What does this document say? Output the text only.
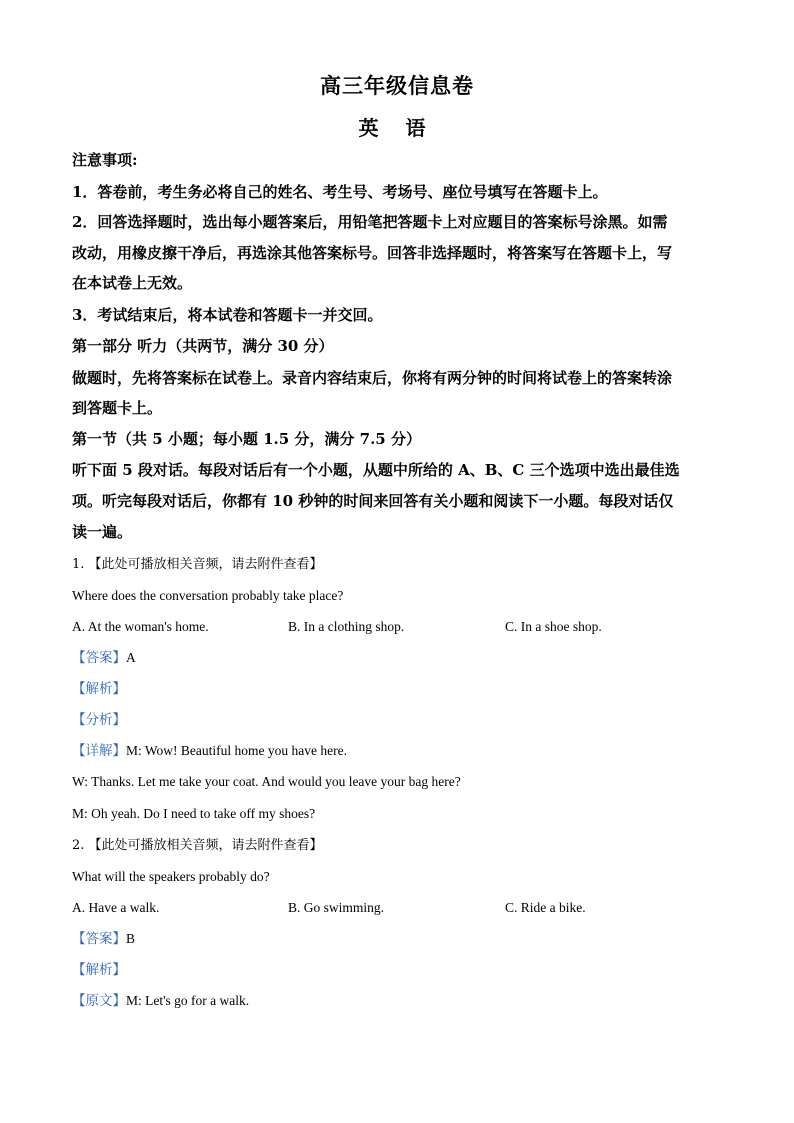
高三年级信息卷
英 语
注意事项:
1．答卷前，考生务必将自己的姓名、考生号、考场号、座位号填写在答题卡上。
2．回答选择题时，选出每小题答案后，用铅笔把答题卡上对应题目的答案标号涂黑。如需
改动，用橡皮擦干净后，再选涂其他答案标号。回答非选择题时，将答案写在答题卡上，写
在本试卷上无效。
3．考试结束后，将本试卷和答题卡一并交回。
第一部分 听力（共两节，满分 30 分）
做题时，先将答案标在试卷上。录音内容结束后，你将有两分钟的时间将试卷上的答案转涂
到答题卡上。
第一节（共 5 小题；每小题 1.5 分，满分 7.5 分）
听下面 5 段对话。每段对话后有一个小题，从题中所给的 A、B、C 三个选项中选出最佳选
项。听完每段对话后，你都有 10 秒钟的时间来回答有关小题和阅读下一小题。每段对话仅
读一遍。
1. 【此处可播放相关音频，请去附件查看】
Where does the conversation probably take place?
A. At the woman's home.	B. In a clothing shop.	C. In a shoe shop.
【答案】A
【解析】
【分析】
【详解】M: Wow! Beautiful home you have here.
W: Thanks. Let me take your coat. And would you leave your bag here?
M: Oh yeah. Do I need to take off my shoes?
2. 【此处可播放相关音频，请去附件查看】
What will the speakers probably do?
A. Have a walk.	B. Go swimming.	C. Ride a bike.
【答案】B
【解析】
【原文】M: Let's go for a walk.
